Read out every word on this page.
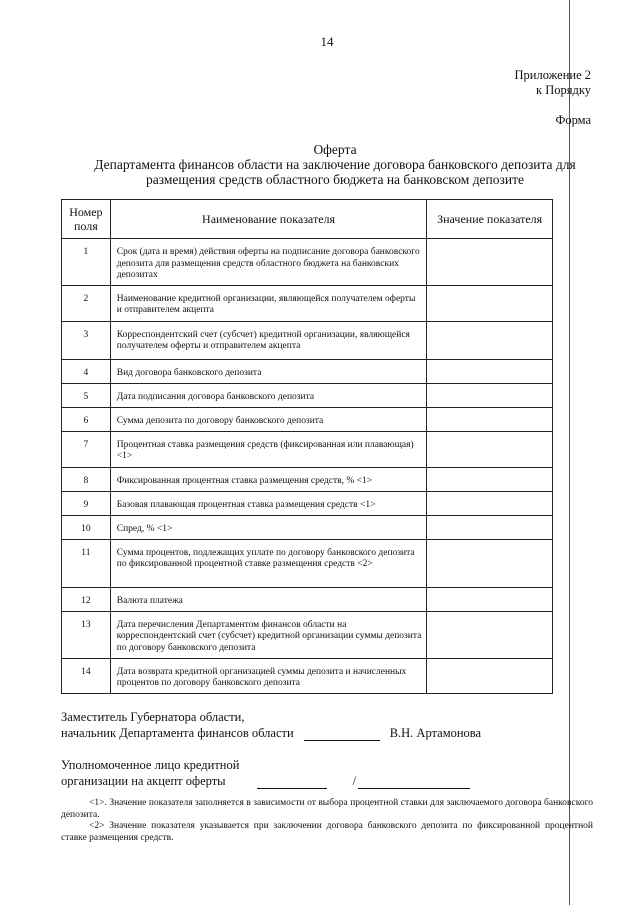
14
Приложение 2
к Порядку
Форма
Оферта
Департамента финансов области на заключение договора банковского депозита для
размещения средств областного бюджета на банковском депозите
Номер поля	Наименование показателя	Значение показателя
1	Срок (дата и время) действия оферты на подписание договора банковского депозита для размещения средств областного бюджета на банковских депозитах	
2	Наименование кредитной организации, являющейся получателем оферты и отправителем акцепта	
3	Корреспондентский счет (субсчет) кредитной организации, являющейся получателем оферты и отправителем акцепта	
4	Вид договора банковского депозита	
5	Дата подписания договора банковского депозита	
6	Сумма депозита по договору банковского депозита	
7	Процентная ставка размещения средств (фиксированная или плавающая) <1>	
8	Фиксированная процентная ставка размещения средств, % <1>	
9	Базовая плавающая процентная ставка размещения средств <1>	
10	Спред, % <1>	
11	Сумма процентов, подлежащих уплате по договору банковского депозита по фиксированной процентной ставке размещения средств <2>	
12	Валюта платежа	
13	Дата перечисления Департаментом финансов области на корреспондентский счет (субсчет) кредитной организации суммы депозита по договору банковского депозита	
14	Дата возврата кредитной организацией суммы депозита и начисленных процентов по договору банковского депозита	
Заместитель Губернатора области,
начальник Департамента финансов области	В.Н. Артамонова
Уполномоченное лицо кредитной
организации на акцепт оферты	/

<1>. Значение показателя заполняется в зависимости от выбора процентной ставки для заключаемого договора банковского депозита.

<2> Значение показателя указывается при заключении договора банковского депозита по фиксированной процентной ставке размещения средств.
